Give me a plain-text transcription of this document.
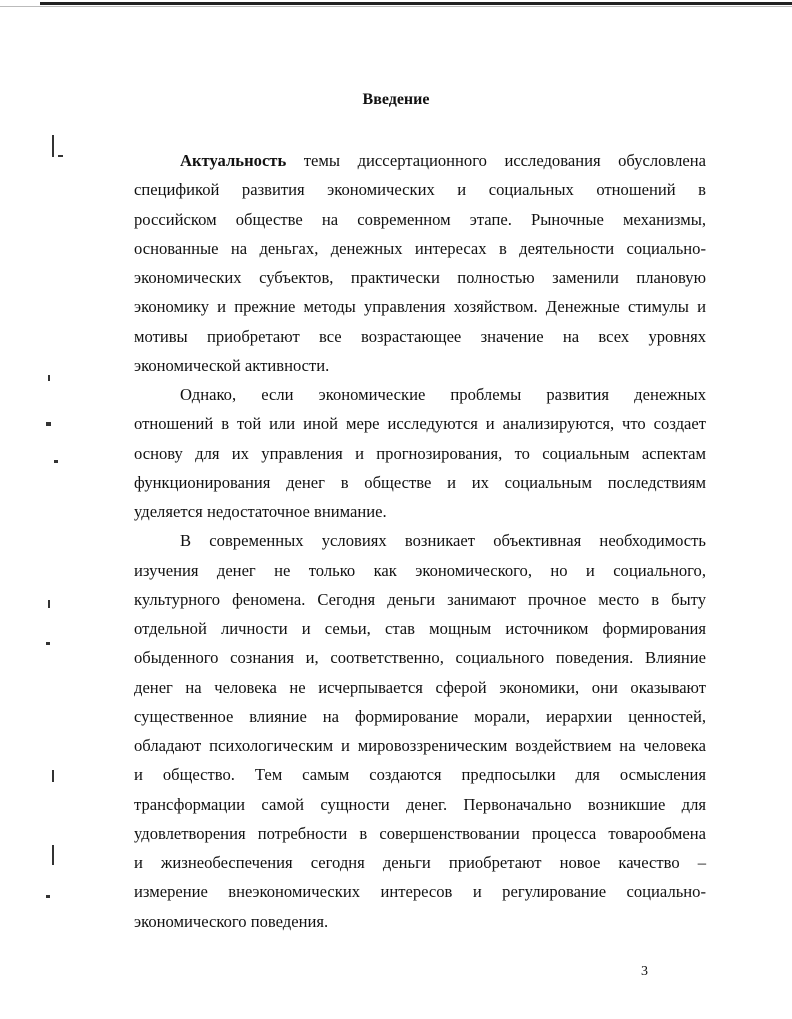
Введение
Актуальность темы диссертационного исследования обусловлена
спецификой развития экономических и социальных отношений в
российском обществе на современном этапе. Рыночные механизмы,
основанные на деньгах, денежных интересах в деятельности социально-
экономических субъектов, практически полностью заменили плановую
экономику и прежние методы управления хозяйством. Денежные стимулы и
мотивы приобретают все возрастающее значение на всех уровнях
экономической активности.
Однако, если экономические проблемы развития денежных
отношений в той или иной мере исследуются и анализируются, что создает
основу для их управления и прогнозирования, то социальным аспектам
функционирования денег в обществе и их социальным последствиям
уделяется недостаточное внимание.
В современных условиях возникает объективная необходимость
изучения денег не только как экономического, но и социального,
культурного феномена. Сегодня деньги занимают прочное место в быту
отдельной личности и семьи, став мощным источником формирования
обыденного сознания и, соответственно, социального поведения. Влияние
денег на человека не исчерпывается сферой экономики, они оказывают
существенное влияние на формирование морали, иерархии ценностей,
обладают психологическим и мировоззреническим воздействием на человека
и общество. Тем самым создаются предпосылки для осмысления
трансформации самой сущности денег. Первоначально возникшие для
удовлетворения потребности в совершенствовании процесса товарообмена
и жизнеобеспечения сегодня деньги приобретают новое качество –
измерение внеэкономических интересов и регулирование социально-
экономического поведения.
3
